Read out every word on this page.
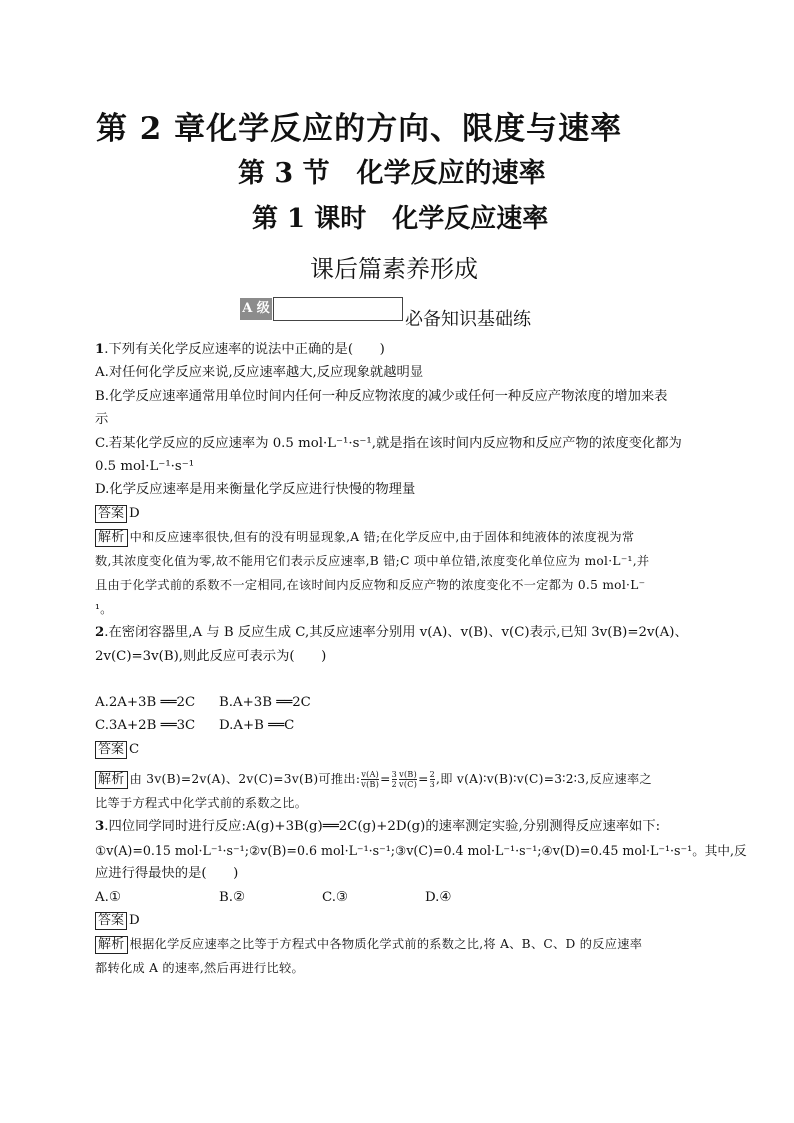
第 2 章化学反应的方向、限度与速率
第 3 节　化学反应的速率
第 1 课时　化学反应速率
课后篇素养形成
A 级必备知识基础练

1.下列有关化学反应速率的说法中正确的是(　　)

A.对任何化学反应来说,反应速率越大,反应现象就越明显

B.化学反应速率通常用单位时间内任何一种反应物浓度的减少或任何一种反应产物浓度的增加来表

示

C.若某化学反应的反应速率为 0.5 mol·L⁻¹·s⁻¹,就是指在该时间内反应物和反应产物的浓度变化都为

0.5 mol·L⁻¹·s⁻¹

D.化学反应速率是用来衡量化学反应进行快慢的物理量

答案 D

解析 中和反应速率很快,但有的没有明显现象,A 错;在化学反应中,由于固体和纯液体的浓度视为常

数,其浓度变化值为零,故不能用它们表示反应速率,B 错;C 项中单位错,浓度变化单位应为 mol·L⁻¹,并

且由于化学式前的系数不一定相同,在该时间内反应物和反应产物的浓度变化不一定都为 0.5 mol·L⁻

¹。

2.在密闭容器里,A 与 B 反应生成 C,其反应速率分别用 v(A)、v(B)、v(C)表示,已知 3v(B)=2v(A)、

2v(C)=3v(B),则此反应可表示为(　　)

A.2A+3B ══2C B.A+3B ══2C

C.3A+2B ══3C D.A+B ══C

答案 C

解析 由 3v(B)=2v(A)、2v(C)=3v(B)可推出: $\frac{v(A)}{v(B)} = \frac{3}{2} \frac{v(B)}{v(C)} = \frac{2}{3}$ ,即 v(A)∶v(B)∶v(C)=3∶2∶3,反应速率之

比等于方程式中化学式前的系数之比。

3.四位同学同时进行反应:A(g)+3B(g)══2C(g)+2D(g)的速率测定实验,分别测得反应速率如下:

①v(A)=0.15 mol·L⁻¹·s⁻¹;②v(B)=0.6 mol·L⁻¹·s⁻¹;③v(C)=0.4 mol·L⁻¹·s⁻¹;④v(D)=0.45 mol·L⁻¹·s⁻¹。其中,反

应进行得最快的是(　　)

A.①	B.②	C.③	D.④

答案 D

解析 根据化学反应速率之比等于方程式中各物质化学式前的系数之比,将 A、B、C、D 的反应速率

都转化成 A 的速率,然后再进行比较。
